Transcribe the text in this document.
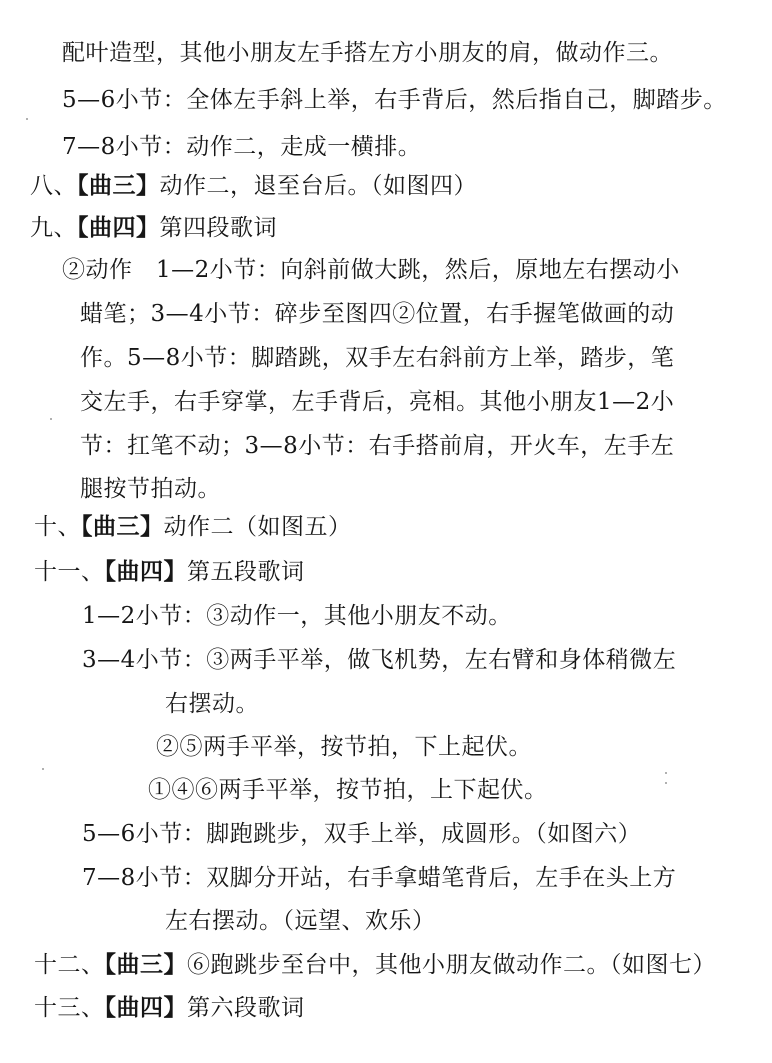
配叶造型，其他小朋友左手搭左方小朋友的肩，做动作三。
5—6小节：全体左手斜上举，右手背后，然后指自己，脚踏步。
7—8小节：动作二，走成一横排。
八、【曲三】动作二，退至台后。（如图四）
九、【曲四】第四段歌词
②动作　1—2小节：向斜前做大跳，然后，原地左右摆动小
蜡笔；3—4小节：碎步至图四②位置，右手握笔做画的动
作。5—8小节：脚踏跳，双手左右斜前方上举，踏步，笔
交左手，右手穿掌，左手背后，亮相。其他小朋友1—2小
节：扛笔不动；3—8小节：右手搭前肩，开火车，左手左
腿按节拍动。
十、【曲三】动作二（如图五）
十一、【曲四】第五段歌词
1—2小节：③动作一，其他小朋友不动。
3—4小节：③两手平举，做飞机势，左右臂和身体稍微左
右摆动。
②⑤两手平举，按节拍，下上起伏。
①④⑥两手平举，按节拍，上下起伏。
5—6小节：脚跑跳步，双手上举，成圆形。（如图六）
7—8小节：双脚分开站，右手拿蜡笔背后，左手在头上方
左右摆动。（远望、欢乐）
十二、【曲三】⑥跑跳步至台中，其他小朋友做动作二。（如图七）
十三、【曲四】第六段歌词
